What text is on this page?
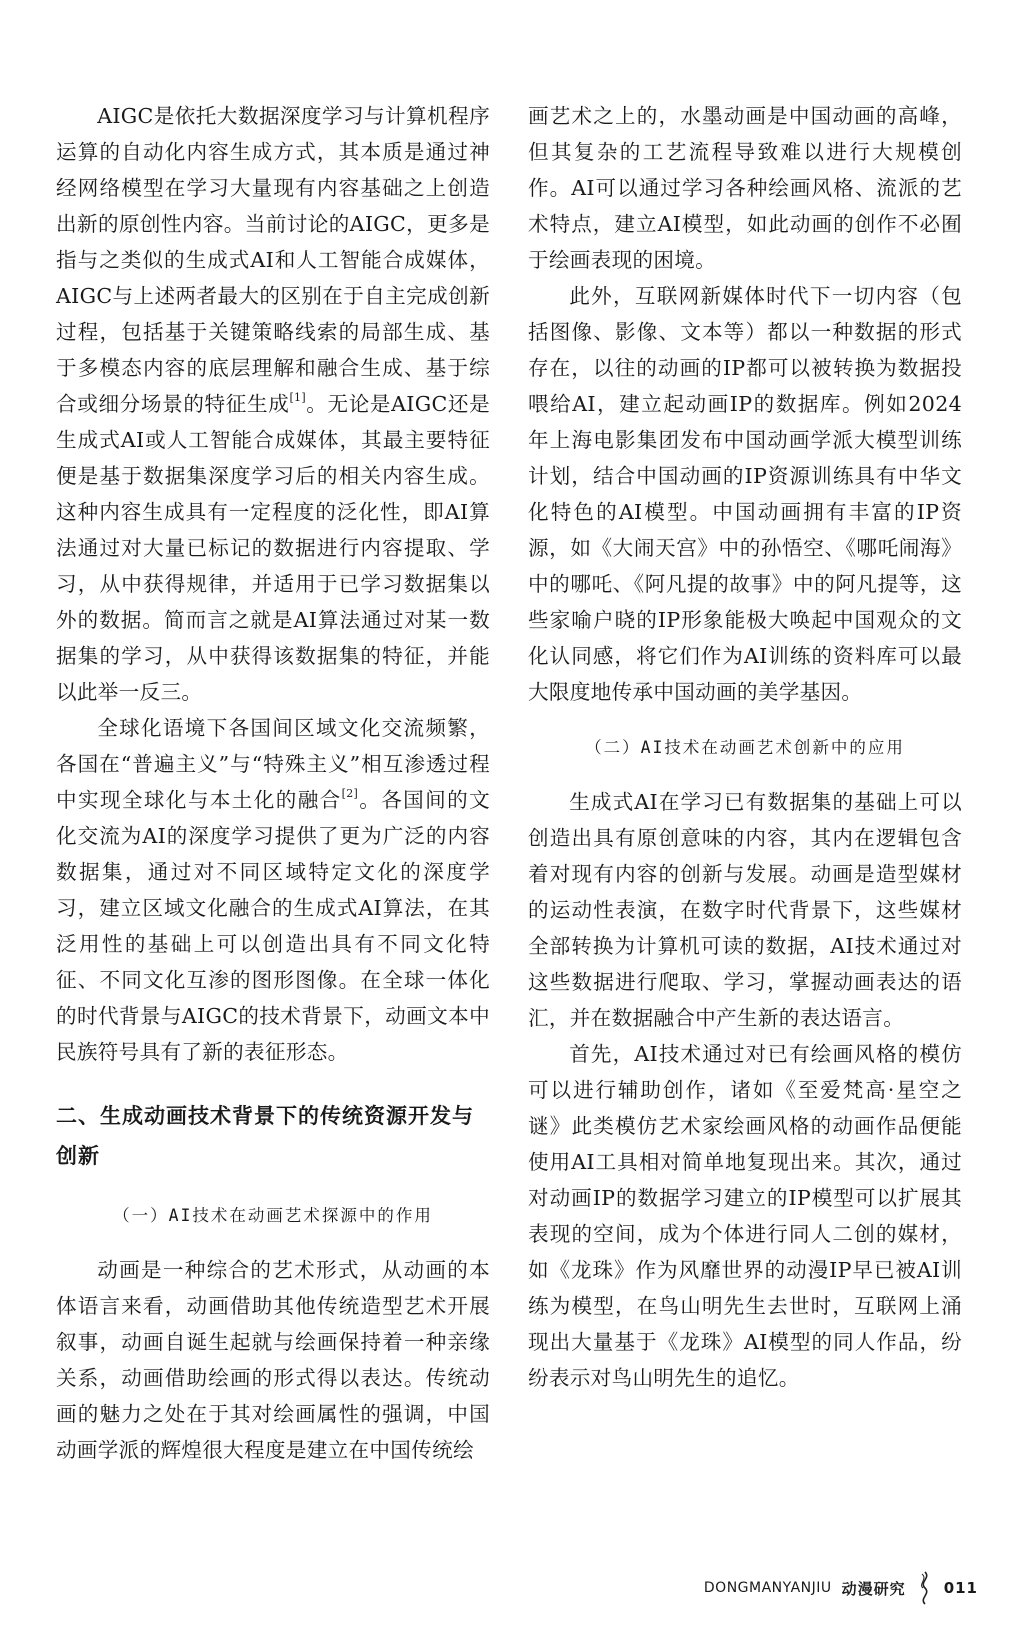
AIGC是依托大数据深度学习与计算机程序运算的自动化内容生成方式，其本质是通过神经网络模型在学习大量现有内容基础之上创造出新的原创性内容。当前讨论的AIGC，更多是指与之类似的生成式AI和人工智能合成媒体，AIGC与上述两者最大的区别在于自主完成创新过程，包括基于关键策略线索的局部生成、基于多模态内容的底层理解和融合生成、基于综合或细分场景的特征生成[1]。无论是AIGC还是生成式AI或人工智能合成媒体，其最主要特征便是基于数据集深度学习后的相关内容生成。这种内容生成具有一定程度的泛化性，即AI算法通过对大量已标记的数据进行内容提取、学习，从中获得规律，并适用于已学习数据集以外的数据。简而言之就是AI算法通过对某一数据集的学习，从中获得该数据集的特征，并能以此举一反三。

全球化语境下各国间区域文化交流频繁，各国在“普遍主义”与“特殊主义”相互渗透过程中实现全球化与本土化的融合[2]。各国间的文化交流为AI的深度学习提供了更为广泛的内容数据集，通过对不同区域特定文化的深度学习，建立区域文化融合的生成式AI算法，在其泛用性的基础上可以创造出具有不同文化特征、不同文化互渗的图形图像。在全球一体化的时代背景与AIGC的技术背景下，动画文本中民族符号具有了新的表征形态。

二、生成动画技术背景下的传统资源开发与创新
（一）AI技术在动画艺术探源中的作用

动画是一种综合的艺术形式，从动画的本体语言来看，动画借助其他传统造型艺术开展叙事，动画自诞生起就与绘画保持着一种亲缘关系，动画借助绘画的形式得以表达。传统动画的魅力之处在于其对绘画属性的强调，中国动画学派的辉煌很大程度是建立在中国传统绘

画艺术之上的，水墨动画是中国动画的高峰，但其复杂的工艺流程导致难以进行大规模创作。AI可以通过学习各种绘画风格、流派的艺术特点，建立AI模型，如此动画的创作不必囿于绘画表现的困境。

此外，互联网新媒体时代下一切内容（包括图像、影像、文本等）都以一种数据的形式存在，以往的动画的IP都可以被转换为数据投喂给AI，建立起动画IP的数据库。例如2024年上海电影集团发布中国动画学派大模型训练计划，结合中国动画的IP资源训练具有中华文化特色的AI模型。中国动画拥有丰富的IP资源，如《大闹天宫》中的孙悟空、《哪吒闹海》中的哪吒、《阿凡提的故事》中的阿凡提等，这些家喻户晓的IP形象能极大唤起中国观众的文化认同感，将它们作为AI训练的资料库可以最大限度地传承中国动画的美学基因。

（二）AI技术在动画艺术创新中的应用

生成式AI在学习已有数据集的基础上可以创造出具有原创意味的内容，其内在逻辑包含着对现有内容的创新与发展。动画是造型媒材的运动性表演，在数字时代背景下，这些媒材全部转换为计算机可读的数据，AI技术通过对这些数据进行爬取、学习，掌握动画表达的语汇，并在数据融合中产生新的表达语言。

首先，AI技术通过对已有绘画风格的模仿可以进行辅助创作，诸如《至爱梵高·星空之谜》此类模仿艺术家绘画风格的动画作品便能使用AI工具相对简单地复现出来。其次，通过对动画IP的数据学习建立的IP模型可以扩展其表现的空间，成为个体进行同人二创的媒材，如《龙珠》作为风靡世界的动漫IP早已被AI训练为模型，在鸟山明先生去世时，互联网上涌现出大量基于《龙珠》AI模型的同人作品，纷纷表示对鸟山明先生的追忆。

DONGMANYANJIU 动漫研究	011
